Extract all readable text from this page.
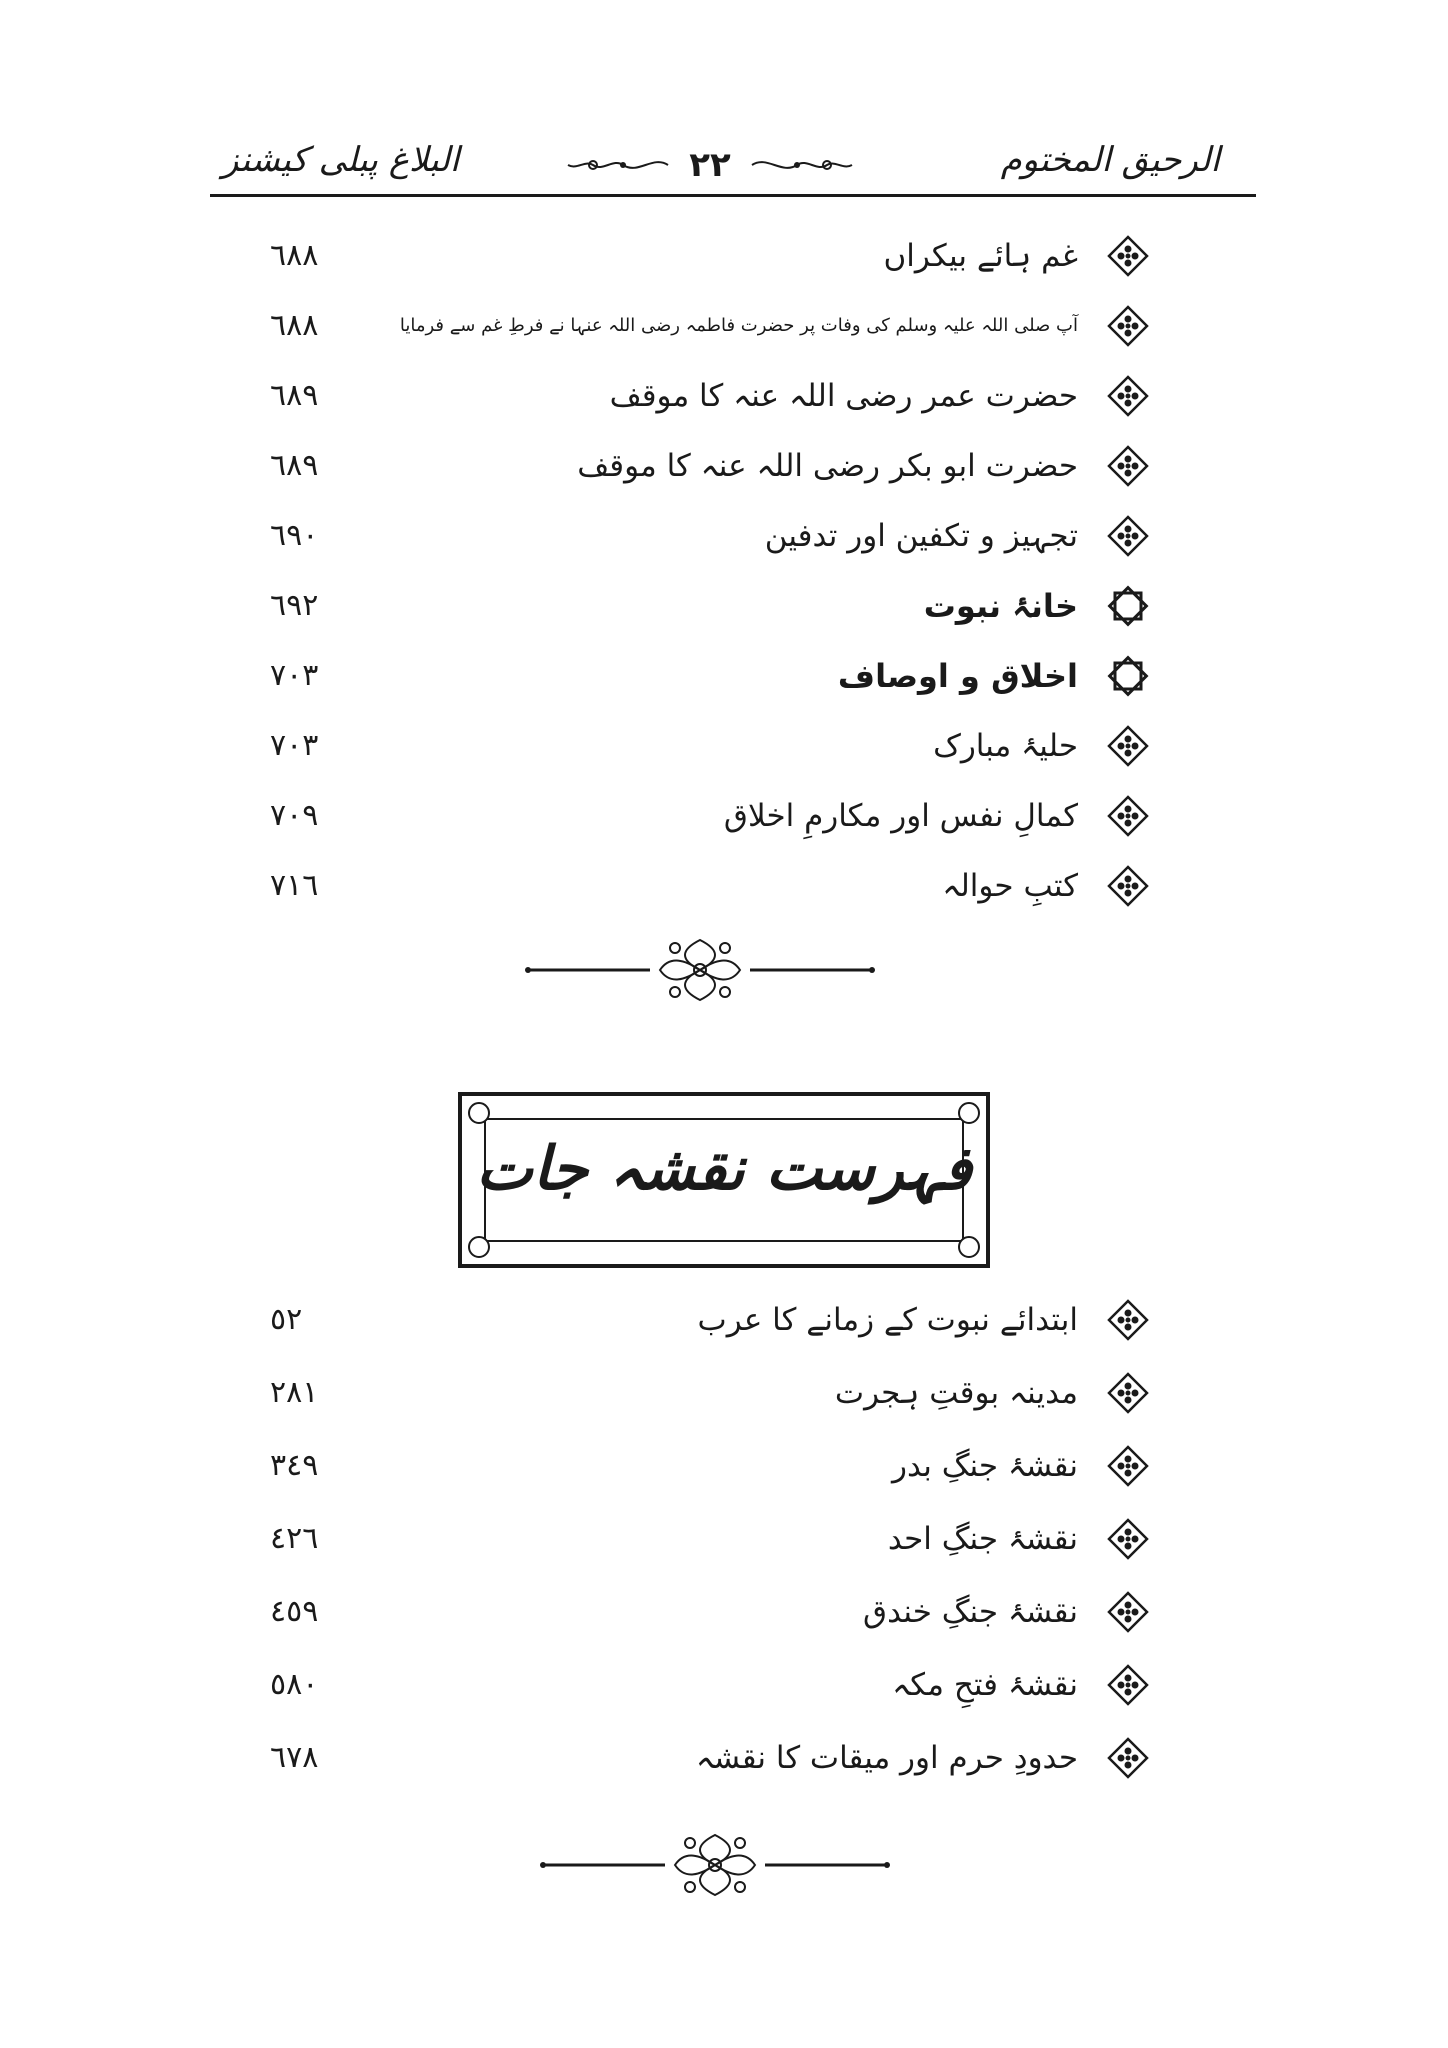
البلاغ پبلی کیشنز	٢٢	الرحیق المختوم
غم ہائے بیکراں
٦٨٨
آپ صلی اللہ علیہ وسلم کی وفات پر حضرت فاطمہ رضی اللہ عنہا نے فرطِ غم سے فرمایا
٦٨٨
حضرت عمر رضی اللہ عنہ کا موقف
٦٨٩
حضرت ابو بکر رضی اللہ عنہ کا موقف
٦٨٩
تجہیز و تکفین اور تدفین
٦٩٠
خانۂ نبوت
٦٩٢
اخلاق و اوصاف
٧٠٣
حلیۂ مبارک
٧٠٣
کمالِ نفس اور مکارمِ اخلاق
٧٠٩
کتبِ حوالہ
٧١٦
فہرست نقشہ جات
ابتدائے نبوت کے زمانے کا عرب
٥٢
مدینہ بوقتِ ہجرت
٢٨١
نقشۂ جنگِ بدر
٣٤٩
نقشۂ جنگِ احد
٤٢٦
نقشۂ جنگِ خندق
٤٥٩
نقشۂ فتحِ مکہ
٥٨٠
حدودِ حرم اور میقات کا نقشہ
٦٧٨
